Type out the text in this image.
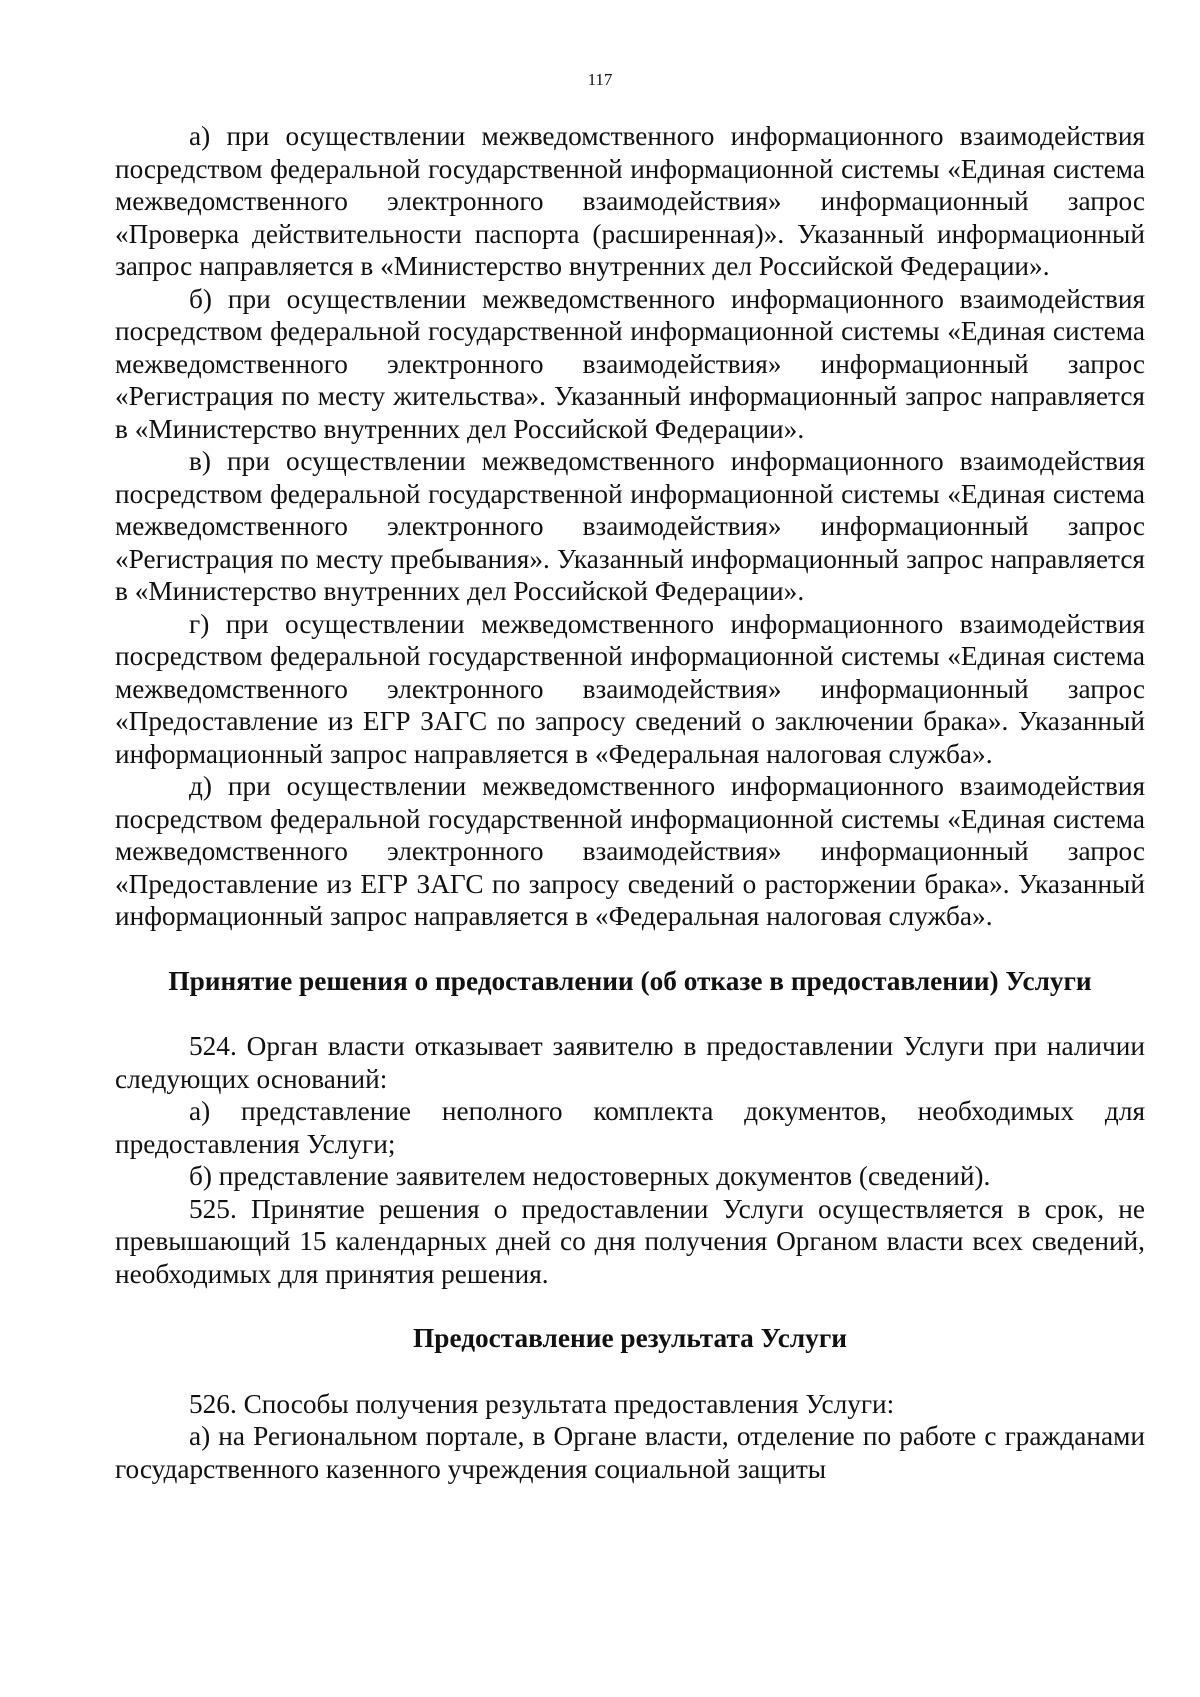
117

а) при осуществлении межведомственного информационного взаимодействия посредством федеральной государственной информационной системы «Единая система межведомственного электронного взаимодействия» информационный запрос «Проверка действительности паспорта (расширенная)». Указанный информационный запрос направляется в «Министерство внутренних дел Российской Федерации».

б) при осуществлении межведомственного информационного взаимодействия посредством федеральной государственной информационной системы «Единая система межведомственного электронного взаимодействия» информационный запрос «Регистрация по месту жительства». Указанный информационный запрос направляется в «Министерство внутренних дел Российской Федерации».

в) при осуществлении межведомственного информационного взаимодействия посредством федеральной государственной информационной системы «Единая система межведомственного электронного взаимодействия» информационный запрос «Регистрация по месту пребывания». Указанный информационный запрос направляется в «Министерство внутренних дел Российской Федерации».

г) при осуществлении межведомственного информационного взаимодействия посредством федеральной государственной информационной системы «Единая система межведомственного электронного взаимодействия» информационный запрос «Предоставление из ЕГР ЗАГС по запросу сведений о заключении брака». Указанный информационный запрос направляется в «Федеральная налоговая служба».

д) при осуществлении межведомственного информационного взаимодействия посредством федеральной государственной информационной системы «Единая система межведомственного электронного взаимодействия» информационный запрос «Предоставление из ЕГР ЗАГС по запросу сведений о расторжении брака». Указанный информационный запрос направляется в «Федеральная налоговая служба».

Принятие решения о предоставлении (об отказе в предоставлении) Услуги

524. Орган власти отказывает заявителю в предоставлении Услуги при наличии следующих оснований:

а) представление неполного комплекта документов, необходимых для предоставления Услуги;

б) представление заявителем недостоверных документов (сведений).

525. Принятие решения о предоставлении Услуги осуществляется в срок, не превышающий 15 календарных дней со дня получения Органом власти всех сведений, необходимых для принятия решения.

Предоставление результата Услуги

526. Способы получения результата предоставления Услуги:

а) на Региональном портале, в Органе власти, отделение по работе с гражданами государственного казенного учреждения социальной защиты
